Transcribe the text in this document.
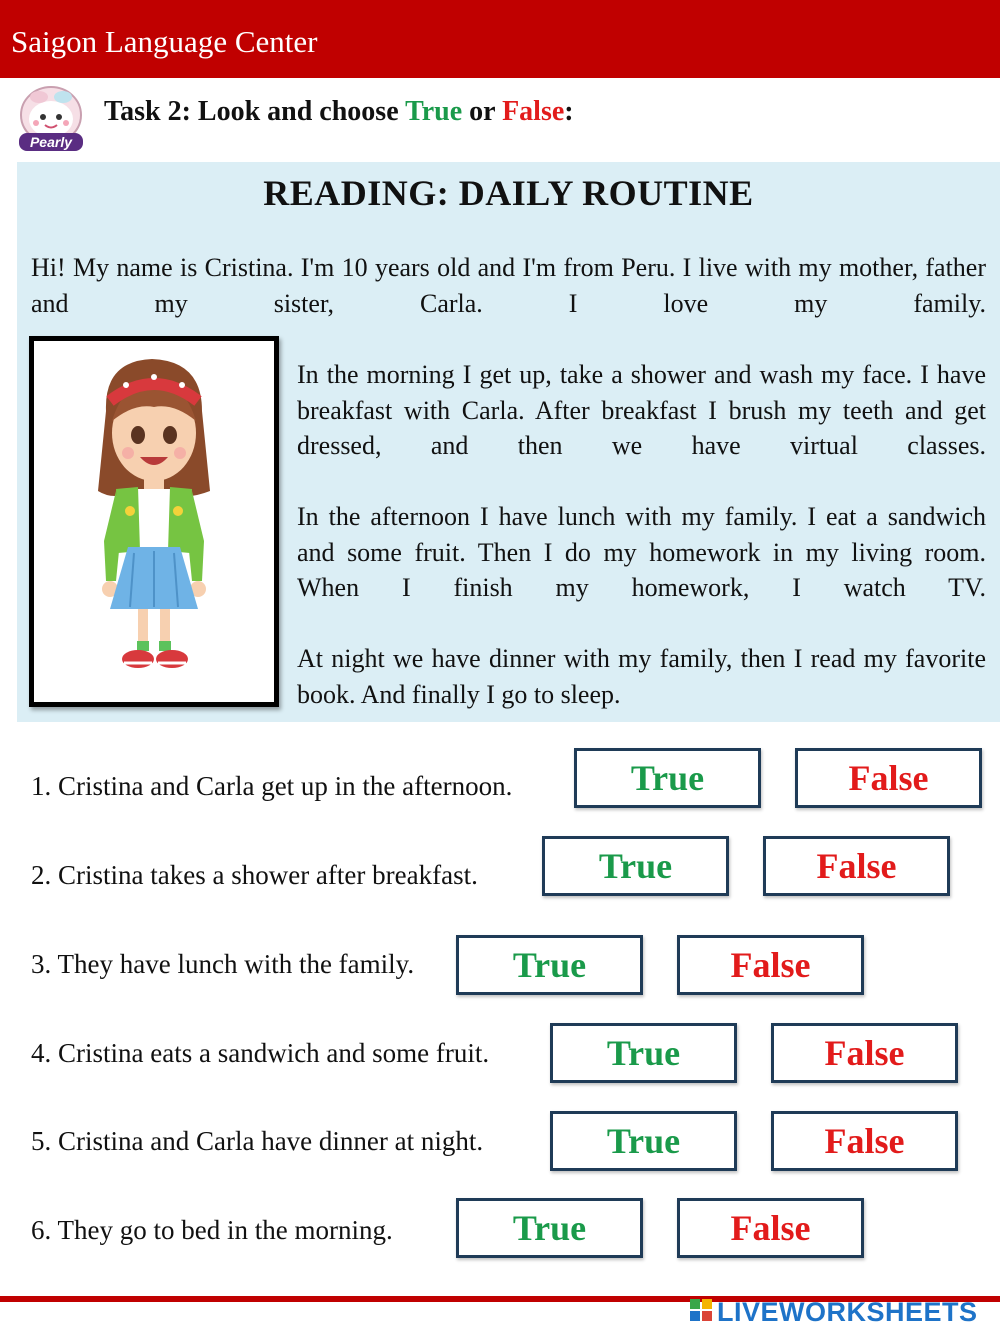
Saigon Language Center
Pearly
Task 2: Look and choose True or False:
READING: DAILY ROUTINE

Hi! My name is Cristina. I'm 10 years old and I'm from Peru. I live with my mother, father and my sister, Carla. I love my family.

In the morning I get up, take a shower and wash my face. I have breakfast with Carla. After breakfast I brush my teeth and get dressed, and then we have virtual classes.

In the afternoon I have lunch with my family. I eat a sandwich and some fruit. Then I do my homework in my living room. When I finish my homework, I watch TV.

At night we have dinner with my family, then I read my favorite book. And finally I go to sleep.

1. Cristina and Carla get up in the afternoon.	True	False
2. Cristina takes a shower after breakfast.	True	False
3. They have lunch with the family.	True	False
4. Cristina eats a sandwich and some fruit.	True	False
5. Cristina and Carla have dinner at night.	True	False
6. They go to bed in the morning.	True	False
LIVEWORKSHEETS
